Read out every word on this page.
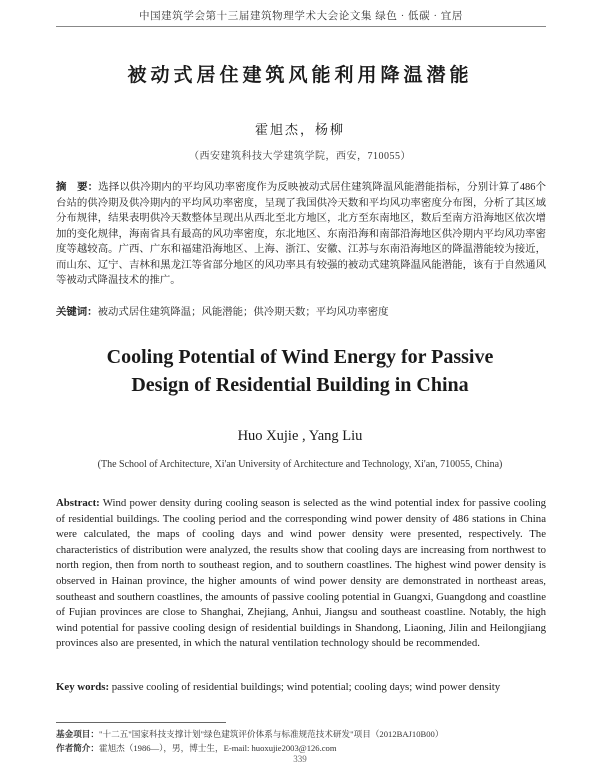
中国建筑学会第十三届建筑物理学术大会论文集 绿色 · 低碳 · 宜居
被动式居住建筑风能利用降温潜能
霍旭杰，杨柳
（西安建筑科技大学建筑学院，西安，710055）
摘　要：选择以供冷期内的平均风功率密度作为反映被动式居住建筑降温风能潜能指标，分别计算了486个台站的供冷期及供冷期内的平均风功率密度，呈现了我国供冷天数和平均风功率密度分布图，分析了其区域分布规律，结果表明供冷天数整体呈现出从西北至北方地区，北方至东南地区，数后至南方沿海地区依次增加的变化规律，海南省具有最高的风功率密度，东北地区、东南沿海和南部沿海地区供冷期内平均风功率密度等越较高。广西、广东和福建沿海地区、上海、浙江、安徽、江苏与东南沿海地区的降温潜能较为接近，而山东、辽宁、吉林和黑龙江等省部分地区的风功率具有较强的被动式建筑降温风能潜能，该有于自然通风等被动式降温技术的推广。
关键词：被动式居住建筑降温；风能潜能；供冷期天数；平均风功率密度
Cooling Potential of Wind Energy for Passive
Design of Residential Building in China
Huo Xujie , Yang Liu
(The School of Architecture, Xi'an University of Architecture and Technology, Xi'an, 710055, China)
Abstract: Wind power density during cooling season is selected as the wind potential index for passive cooling of residential buildings. The cooling period and the corresponding wind power density of 486 stations in China were calculated, the maps of cooling days and wind power density were presented, respectively. The characteristics of distribution were analyzed, the results show that cooling days are increasing from northwest to north region, then from north to southeast region, and to southern coastlines. The highest wind power density is observed in Hainan province, the higher amounts of wind power density are demonstrated in northeast areas, southeast and southern coastlines, the amounts of passive cooling potential in Guangxi, Guangdong and coastline of Fujian provinces are close to Shanghai, Zhejiang, Anhui, Jiangsu and southeast coastline. Notably, the high wind potential for passive cooling design of residential buildings in Shandong, Liaoning, Jilin and Heilongjiang provinces also are presented, in which the natural ventilation technology should be recommended.
Key words: passive cooling of residential buildings; wind potential; cooling days; wind power density
基金项目："十二五"国家科技支撑计划"绿色建筑评价体系与标准规范技术研发"项目（2012BAJ10B00）
作者简介：霍旭杰（1986—），男，博士生，E-mail: huoxujie2003@126.com
339
